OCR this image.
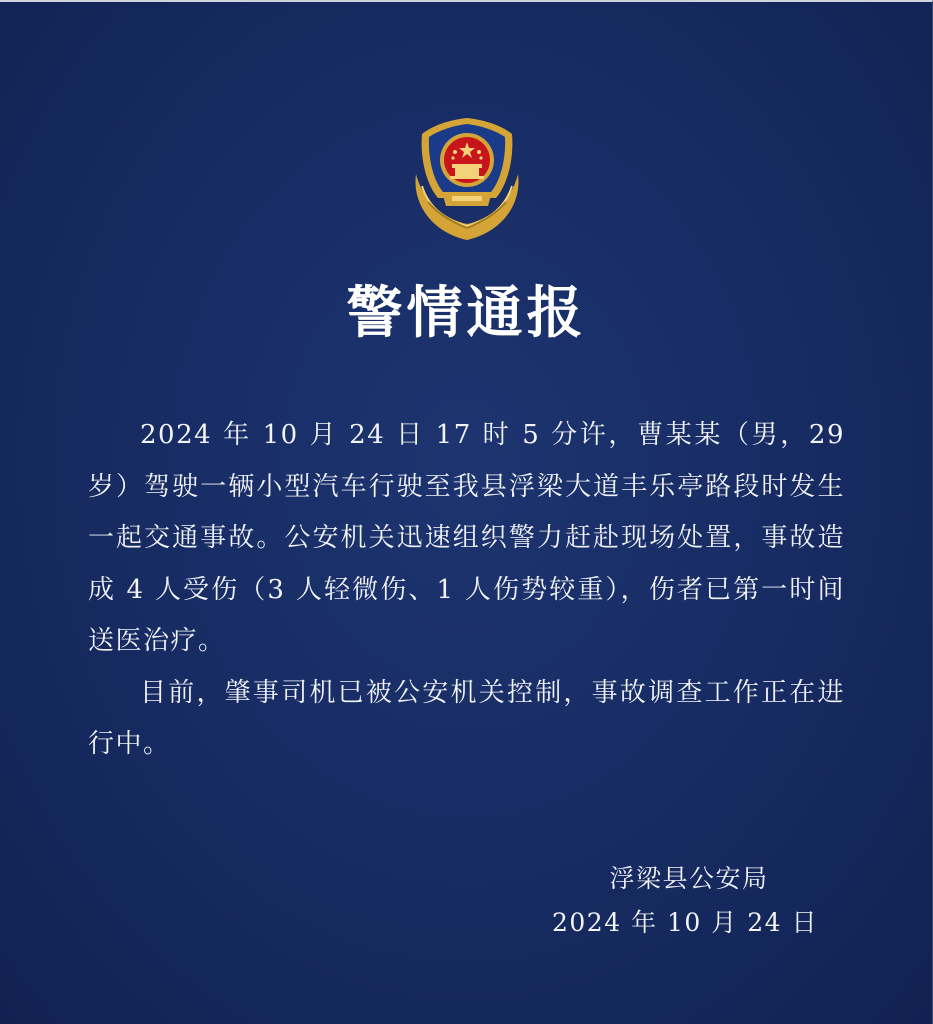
警情通报

2024 年 10 月 24 日 17 时 5 分许，曹某某（男，29 岁）驾驶一辆小型汽车行驶至我县浮梁大道丰乐亭路段时发生一起交通事故。公安机关迅速组织警力赶赴现场处置，事故造成 4 人受伤（3 人轻微伤、1 人伤势较重），伤者已第一时间送医治疗。

目前，肇事司机已被公安机关控制，事故调查工作正在进行中。

浮梁县公安局
2024 年 10 月 24 日
